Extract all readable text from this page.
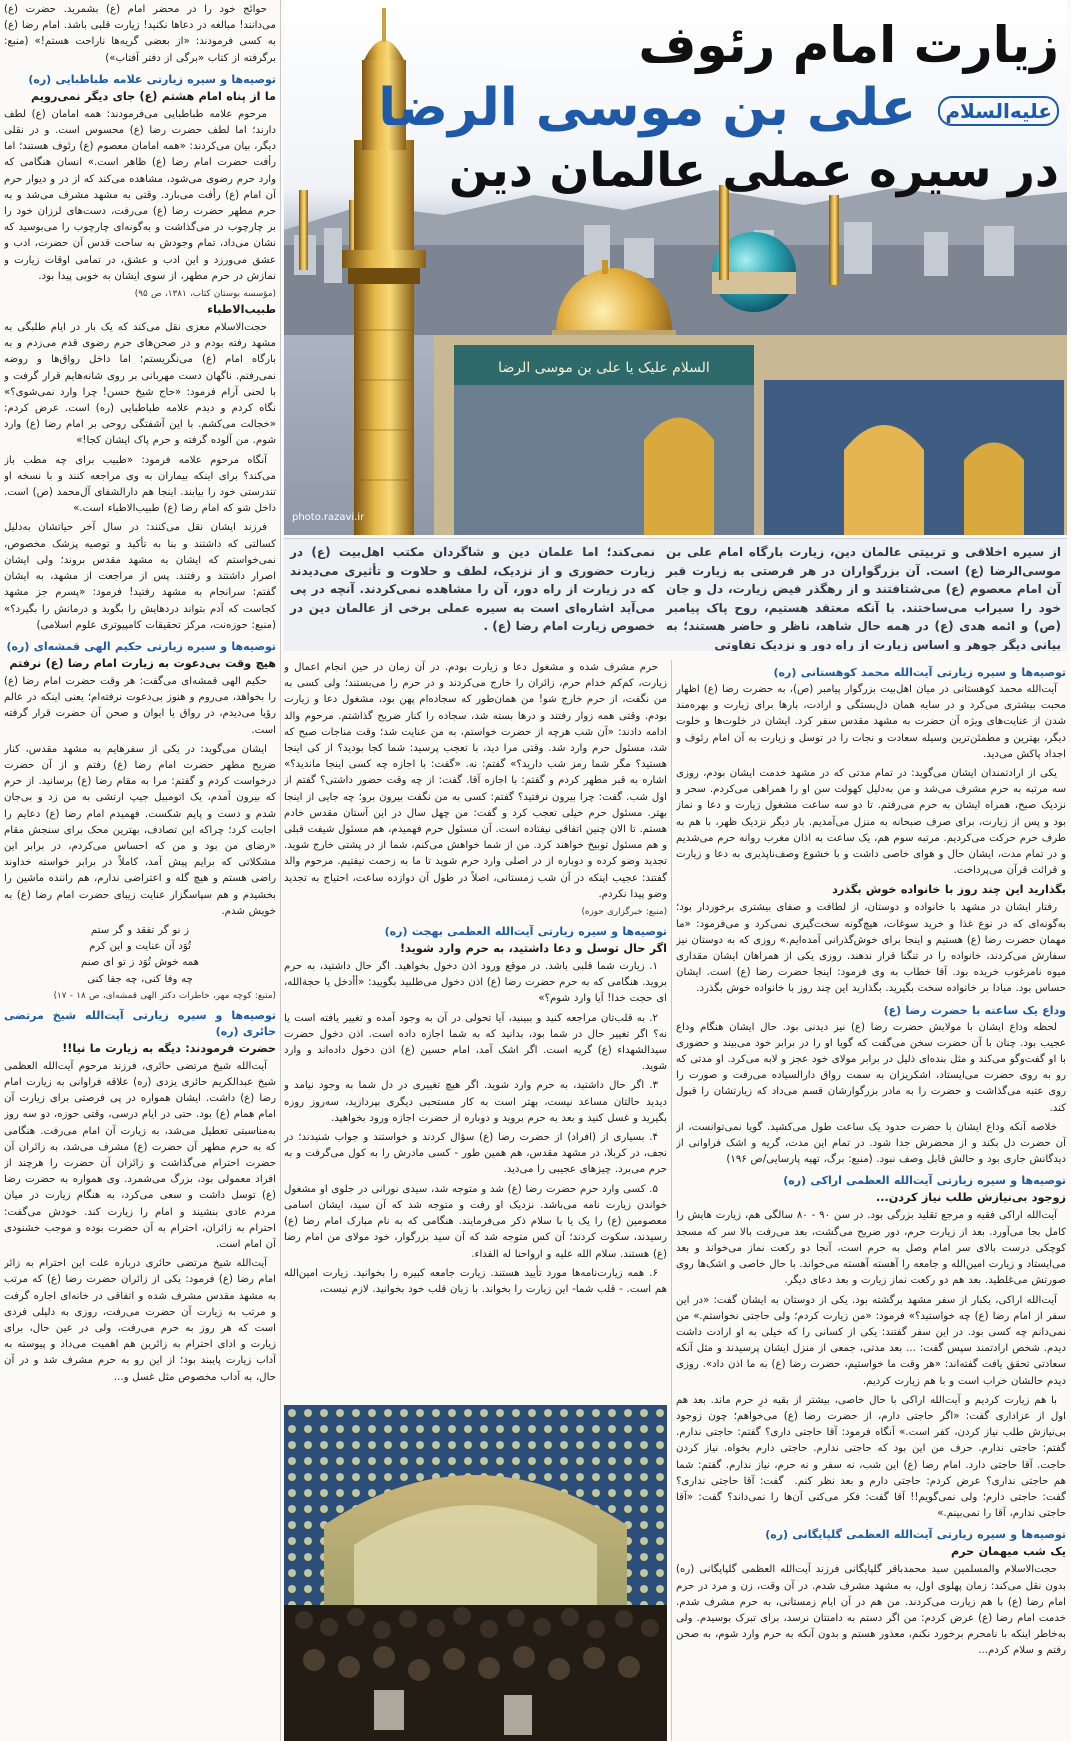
السلام علیک یا علی بن موسی الرضا
زیارت امام رئوف
علیه‌السلام علی بن موسی الرضا
در سیره عملی عالمان دین
photo.razavi.ir
از سیره اخلاقی و تربیتی عالمان دین، زیارت بارگاه امام علی بن موسی‌الرضا (ع) است. آن بزرگواران در هر فرصتی به زیارت قبر آن امام معصوم (ع) می‌شتافتند و از رهگذر فیض زیارت، دل و جان خود را سیراب می‌ساختند. با آنکه معتقد هستیم، روح پاک پیامبر (ص) و ائمه هدی (ع) در همه حال شاهد، ناظر و حاضر هستند؛ به بیانی دیگر جوهر و اساس زیارت از راه دور و نزدیک تفاوتی
نمی‌کند؛ اما علمان دین و شاگردان مکتب اهل‌بیت (ع) در زیارت حضوری و از نزدیک، لطف و حلاوت و تأثیری می‌دیدند که در زیارت از راه دور، آن را مشاهده نمی‌کردند. آنچه در پی می‌آید اشاره‌ای است به سیره عملی برخی از عالمان دین در خصوص زیارت امام رضا (ع) .

حوائج خود را در محضر امام (ع) بشمرید. حضرت (ع) می‌دانند! مبالغه در دعاها نکنید! زیارت قلبی باشد. امام رضا (ع) به کسی فرمودند: «از بعضی گریه‌ها ناراحت هستم!» (منبع: برگرفته از کتاب «برگی از دفتر آفتاب»)

توصیه‌ها و سیره زیارتی علامه طباطبایی (ره)
ما از پناه امام هشتم (ع) جای دیگر نمی‌رویم

مرحوم علامه طباطبایی می‌فرمودند: همه امامان (ع) لطف دارند؛ اما لطف حضرت رضا (ع) محسوس است. و در نقلی دیگر، بیان می‌کردند: «همه امامان معصوم (ع) رئوف هستند؛ اما رأفت حضرت امام رضا (ع) ظاهر است.» انسان هنگامی که وارد حرم رضوی می‌شود، مشاهده می‌کند که از در و دیوار حرم آن امام (ع) رأفت می‌بارد. وقتی به مشهد مشرف می‌شد و به حرم مطهر حضرت رضا (ع) می‌رفت، دست‌های لرزان خود را بر چارچوب در می‌گذاشت و به‌گونه‌ای چارچوب را می‌بوسید که نشان می‌داد، تمام وجودش به ساحت قدس آن حضرت، ادب و عشق می‌ورزد و این ادب و عشق، در تمامی اوقات زیارت و نمازش در حرم مطهر، از سوی ایشان به خوبی پیدا بود.

(مؤسسه بوستان کتاب، ۱۳۸۱، ص ۹۵)
طبیب‌الاطباء

حجت‌الاسلام معزی نقل می‌کند که یک بار در ایام طلبگی به مشهد رفته بودم و در صحن‌های حرم رضوی قدم می‌زدم و به بارگاه امام (ع) می‌نگریستم؛ اما داخل رواق‌ها و روضه نمی‌رفتم. ناگهان دست مهربانی بر روی شانه‌هایم قرار گرفت و با لحنی آرام فرمود: «حاج شیخ حسن! چرا وارد نمی‌شوی؟» نگاه کردم و دیدم علامه طباطبایی (ره) است. عرض کردم: «خجالت می‌کشم. با این آشفتگی روحی بر امام رضا (ع) وارد شوم. من آلوده گرفته و حرم پاک ایشان کجا!»

آنگاه مرحوم علامه فرمود: «طبیب برای چه مطب باز می‌کند؟ برای اینکه بیماران به وی مراجعه کنند و با نسخه او تندرستی خود را بیابند. اینجا هم دارالشفای آل‌محمد (ص) است. داخل شو که امام رضا (ع) طبیب‌الاطباء است.»

فرزند ایشان نقل می‌کنند: در سال آخر حیاتشان به‌دلیل کسالتی که داشتند و بنا به تأکید و توصیه پزشک مخصوص، نمی‌خواستم که ایشان به مشهد مقدس بروند؛ ولی ایشان اصرار داشتند و رفتند. پس از مراجعت از مشهد، به ایشان گفتم: سرانجام به مشهد رفتید! فرمود: «پسرم جز مشهد کجاست که آدم بتواند دردهایش را بگوید و درمانش را بگیرد؟» (منبع: حوزه‌نت، مرکز تحقیقات کامپیوتری علوم اسلامی)

توصیه‌ها و سیره زیارتی حکیم الهی قمشه‌ای (ره)
هیچ وقت بی‌دعوت به زیارت امام رضا (ع) نرفتم

حکیم الهی قمشه‌ای می‌گفت: هر وقت حضرت امام رضا (ع) را بخواهد، می‌روم و هنوز بی‌دعوت نرفته‌ام؛ یعنی اینکه در عالم رؤیا می‌دیدم، در رواق یا ایوان و صحن آن حضرت قرار گرفته است.

ایشان می‌گوید: در یکی از سفرهایم به مشهد مقدس، کنار ضریح مطهر حضرت امام رضا (ع) رفتم و از آن حضرت درخواست کردم و گفتم: مرا به مقام رضا (ع) برسانید. از حرم که بیرون آمدم، یک اتومبیل جیپ ارتشی به من زد و بی‌جان شدم و دست و پایم شکست. فهمیدم امام رضا (ع) دعایم را اجابت کرد؛ چراکه این تصادف، بهترین محک برای سنجش مقام «رضای من بود و من که احساس می‌کردم، در برابر این مشکلاتی که برایم پیش آمد، کاملاً در برابر خواسته خداوند راضی هستم و هیچ گله و اعتراضی ندارم، هم راننده ماشین را بخشیدم و هم سپاسگزار عنایت زیبای حضرت امام رضا (ع) به خویش شدم.

ز نو گر تفقد و گر ستم
تُوَد آن عنایت و این کرم
همه خوش تُوَد ز تو ای صنم
چه وفا کنی، چه جفا کنی
(منبع: کوچه مهر، خاطرات دکتر الهی قمشه‌ای، ص ۱۸ - ۱۷)
توصیه‌ها و سیره زیارتی آیت‌الله شیخ مرتضی حائری (ره)
حضرت فرمودند: دیگه به زیارت ما نیا!!

آیت‌الله شیخ مرتضی حائری، فرزند مرحوم آیت‌الله العظمی شیخ عبدالکریم حائری یزدی (ره) علاقه فراوانی به زیارت امام رضا (ع) داشت. ایشان همواره در پی فرصتی برای زیارت آن امام همام (ع) بود. حتی در ایام درسی، وقتی حوزه، دو سه روز به‌مناسبتی تعطیل می‌شد، به زیارت آن امام می‌رفت. هنگامی که به حرم مطهر آن حضرت (ع) مشرف می‌شد، به زائران آن حضرت احترام می‌گذاشت و زائران آن حضرت را هرچند از افراد معمولی بود، بزرگ می‌شمرد. وی همواره به حضرت رضا (ع) توسل داشت و سعی می‌کرد، به هنگام زیارت در میان مردم عادی بنشیند و امام را زیارت کند. خودش می‌گفت: احترام به زائران، احترام به آن حضرت بوده و موجب خشنودی آن امام است.

آیت‌الله شیخ مرتضی حائری درباره علت این احترام به زائر امام رضا (ع) فرمود: یکی از زائران حضرت رضا (ع) که مرتب به مشهد مقدس مشرف شده و اتفاقی در خانه‌ای اجاره گرفت و مرتب به زیارت آن حضرت می‌رفت، روزی به دلیلی فردی است که هر روز به حرم می‌رفت، ولی در عین حال، برای زیارت و ادای احترام به زائرین هم اهمیت می‌داد و پیوسته به آداب زیارت پایبند بود؛ از این رو به حرم مشرف شد و در آن حال، به آداب مخصوص مثل غسل و...

حرم مشرف شده و مشغول دعا و زیارت بودم. در آن زمان در حین انجام اعمال و زیارت، کم‌کم خدام حرم، زائران را خارج می‌کردند و در حرم را می‌بستند؛ ولی کسی به من نگفت، از حرم خارج شو! من همان‌طور که سجاده‌ام پهن بود، مشغول دعا و زیارت بودم. وقتی همه زوار رفتند و درها بسته شد، سجاده را کنار ضریح گذاشتم. مرحوم والد ادامه دادند: «آن شب هرچه از حضرت خواستم، به من عنایت شد؛ وقت مناجات صبح که شد، مسئول حرم وارد شد. وقتی مرا دید، با تعجب پرسید: شما کجا بودید؟ از کی اینجا هستید؟ مگر شما رمز شب دارید؟» گفتم: نه. «گفت: با اجازه چه کسی اینجا ماندید؟» اشاره به قبر مطهر کردم و گفتم: با اجازه آقا. گفت: از چه وقت حضور داشتی؟ گفتم از اول شب. گفت: چرا بیرون نرفتید؟ گفتم: کسی به من نگفت بیرون برو؛ چه جایی از اینجا بهتر. مسئول حرم خیلی تعجب کرد و گفت: من چهل سال در این آستان مقدس خادم هستم. تا الان چنین اتفاقی نیفتاده است. آن مسئول حرم فهمیدم، هم مسئول شیفت قبلی و هم مسئول توبیخ خواهند کرد. من از شما خواهش می‌کنم، شما از در پشتی خارج شوید. تجدید وضو کرده و دوباره از در اصلی وارد حرم شوید تا ما به زحمت نیفتیم. مرحوم والد گفتند: عجیب اینکه در آن شب زمستانی، اصلاً در طول آن دوازده ساعت، احتیاج به تجدید وضو پیدا نکردم.

(منبع: خبرگزاری حوزه)
توصیه‌ها و سیره زیارتی آیت‌الله العظمی بهجت (ره)
اگر حال توسل و دعا داشتید، به حرم وارد شوید!

۱. زیارت شما قلبی باشد. در موقع ورود اذن دخول بخواهید. اگر حال داشتید، به حرم بروید. هنگامی که به حرم حضرت رضا (ع) اذن دخول می‌طلبید بگویید: «أأدخل یا حجة‌الله، ای حجت خدا! آیا وارد شوم؟»

۲. به قلب‌تان مراجعه کنید و ببینید، آیا تحولی در آن به وجود آمده و تغییر یافته است یا نه؟ اگر تغییر حال در شما بود، بدانید که به شما اجازه داده است. اذن دخول حضرت سیدالشهداء (ع) گریه است. اگر اشک آمد، امام حسین (ع) اذن دخول داده‌اند و وارد شوید.

۳. اگر حال داشتید، به حرم وارد شوید. اگر هیچ تغییری در دل شما به وجود نیامد و دیدید حالتان مساعد نیست، بهتر است به کار مستحبی دیگری بپردازید، سه‌روز روزه بگیرید و غسل کنید و بعد به حرم بروید و دوباره از حضرت اجازه ورود بخواهید.

۴. بسیاری از (افراد) از حضرت رضا (ع) سؤال کردند و خواستند و جواب شنیدند؛ در نجف، در کربلا، در مشهد مقدس، هم همین طور - کسی مادرش را به کول می‌گرفت و به حرم می‌برد. چیزهای عجیبی را می‌دید.

۵. کسی وارد حرم حضرت رضا (ع) شد و متوجه شد، سیدی نورانی در جلوی او مشغول خواندن زیارت نامه می‌باشد. نزدیک او رفت و متوجه شد که آن سید، ایشان اسامی معصومین (ع) را یک یا با سلام ذکر می‌فرمایند. هنگامی که به نام مبارک امام رضا (ع) رسیدند، سکوت کردند؛ آن کس متوجه شد که آن سید بزرگوار، خود مولای من امام رضا (ع) هستند. سلام الله علیه و ارواحنا له الفداء.

۶. همه زیارت‌نامه‌ها مورد تأیید هستند. زیارت جامعه کبیره را بخوانید. زیارت امین‌الله هم است. - قلب شما- این زیارت را بخواند. با زبان قلب خود بخوانید. لازم نیست،

توصیه‌ها و سیره زیارتی آیت‌الله محمد کوهستانی (ره)

آیت‌الله محمد کوهستانی در میان اهل‌بیت بزرگوار پیامبر (ص)، به حضرت رضا (ع) اظهار محبت بیشتری می‌کرد و در سایه همان دل‌بستگی و ارادت، بارها برای زیارت و بهره‌مند شدن از عنایت‌های ویژه آن حضرت به مشهد مقدس سفر کرد. ایشان در خلوت‌ها و خلوت دیگر، بهترین و مطمئن‌ترین وسیله سعادت و نجات را در توسل و زیارت به آن امام رئوف و اجداد پاکش می‌دید.

یکی از ارادتمندان ایشان می‌گوید: در تمام مدتی که در مشهد خدمت ایشان بودم، روزی سه مرتبه به حرم مشرف می‌شد و من به‌دلیل کهولت سن او را همراهی می‌کردم. سحر و نزدیک صبح، همراه ایشان به حرم می‌رفتم. تا دو سه ساعت مشغول زیارت و دعا و نماز بود و پس از زیارت، برای صرف صبحانه به منزل می‌آمدیم. بار دیگر نزدیک ظهر، با هم به طرف حرم حرکت می‌کردیم. مرتبه سوم هم، یک ساعت به اذان مغرب روانه حرم می‌شدیم و در تمام مدت، ایشان حال و هوای خاصی داشت و با خشوع وصف‌ناپذیری به دعا و زیارت و قرائت قرآن می‌پرداخت.

بگذارید این چند روز با خانواده خوش بگذرد

رفتار ایشان در مشهد با خانواده و دوستان، از لطافت و صفای بیشتری برخوردار بود؛ به‌گونه‌ای که در نوع غذا و خرید سوغات، هیچ‌گونه سخت‌گیری نمی‌کرد و می‌فرمود: «ما مهمان حضرت رضا (ع) هستیم و اینجا برای خوش‌گذرانی آمده‌ایم.» روزی که به دوستان نیز سفارش می‌کردند، خانواده را در تنگنا قرار ندهند. روزی یکی از همراهان ایشان مقداری میوه نامرغوب خریده بود. آقا خطاب به وی فرمود: اینجا حضرت رضا (ع) است. ایشان حساس بود. مبادا بر خانواده سخت بگیرید. بگذارید این چند روز با خانواده خوش بگذرد.

وداع یک ساعته با حضرت رضا (ع)

لحظه وداع ایشان با مولایش حضرت رضا (ع) نیز دیدنی بود. حال ایشان هنگام وداع عجیب بود. چنان با آن حضرت سخن می‌گفت که گویا او را در برابر خود می‌بیند و حضوری با او گفت‌وگو می‌کند و مثل بنده‌ای ذلیل در برابر مولای خود عجز و لابه می‌کرد. او مدتی که رو به روی حضرت می‌ایستاد، اشکریزان به سمت رواق دارالسیاده می‌رفت و صورت را روی عتبه می‌گذاشت و حضرت را به مادر بزرگوارشان قسم می‌داد که زیارتشان را قبول کند.

خلاصه آنکه وداع ایشان با حضرت حدود یک ساعت طول می‌کشید. گویا نمی‌توانست، از آن حضرت دل بکند و از محضرش جدا شود. در تمام این مدت، گریه و اشک فراوانی از دیدگانش جاری بود و حالش قابل وصف نبود. (منبع: برگ، تهیه پارسایی/ص ۱۹۶)

توصیه‌ها و سیره زیارتی آیت‌الله العظمی اراکی (ره)
زوجود بی‌نیازش طلب نیاز کردن...

آیت‌الله اراکی فقیه و مرجع تقلید بزرگی بود. در سن ۹۰ - ۸۰ سالگی هم، زیارت هایش را کامل بجا می‌آورد. بعد از زیارت حرم، دور ضریح می‌گشت، بعد می‌رفت بالا سر که مسجد کوچکی درست بالای سر امام وصل به حرم است، آنجا دو رکعت نماز می‌خواند و بعد می‌ایستاد و زیارت امین‌الله و جامعه را آهسته آهسته می‌خواند. با حال خاصی و اشک‌ها روی صورتش می‌غلطید. بعد هم دو رکعت نماز زیارت و بعد دعای دیگر.

آیت‌الله اراکی، یکبار از سفر مشهد برگشته بود. یکی از دوستان به ایشان گفت: «در این سفر از امام رضا (ع) چه خواستید؟» فرمود: «من زیارت کردم؛ ولی حاجتی نخواستم.» من نمی‌دانم چه کسی بود. در این سفر گفتند: یکی از کسانی را که خیلی به او ارادت داشت دیدم. شخص ارادتمند سپس گفت: ... بعد مدتی، جمعی از منزل ایشان پرسیدند و مثل آنکه سعادتی تحقق یافت گفته‌اند: «هر وقت ما خواستیم، حضرت رضا (ع) به ما اذن داد». روزی دیدم حالشان خراب است و با هم زیارت کردیم.

با هم زیارت کردیم و آیت‌الله اراکی با حال خاصی، بیشتر از بقیه درِ حرم ماند. بعد هم اول از عزاداری گفت: «اگر حاجتی دارم، از حضرت رضا (ع) می‌خواهم؛ چون زوجود بی‌نیازش طلب نیاز کردن، کفر است.» آنگاه فرمود: آقا حاجتی داری؟ گفتم: حاجتی ندارم. گفتم: حاجتی ندارم. حرف من این بود که حاجتی ندارم. حاجتی دارم بخواه. نیاز کردن حاجت. آقا حاجتی دارد. امام رضا (ع) این شب، نه سفر و نه حرم، نیاز ندارم. گفتم: شما هم حاجتی نداری؟ عرض کردم: حاجتی دارم و بعد نظر کنم. ‌ گفت: آقا حاجتی نداری؟ گفت: حاجتی دارم؛ ولی نمی‌گویم!! آقا گفت: فکر می‌کنی آن‌ها را نمی‌داند؟ گفت: «آقا حاجتی ندارم، آقا را نمی‌بینم.»

توصیه‌ها و سیره زیارتی آیت‌الله العظمی گلپایگانی (ره)
یک شب میهمان حرم

حجت‌الاسلام والمسلمین سید محمدباقر گلپایگانی فرزند آیت‌الله العظمی گلپایگانی (ره) بدون نقل می‌کند: زمان پهلوی اول، به مشهد مشرف شدم. در آن وقت، زن و مرد در حرم امام رضا (ع) با هم زیارت می‌کردند. من هم در آن ایام زمستانی، به حرم مشرف شدم. خدمت امام رضا (ع) عرض کردم: من اگر دستم به دامنتان نرسد، برای تبرک بوسیدم. ولی به‌خاطر اینکه با نامحرم برخورد نکنم، معذور هستم و بدون آنکه به حرم وارد شوم، به صحن رفتم و سلام کردم...
